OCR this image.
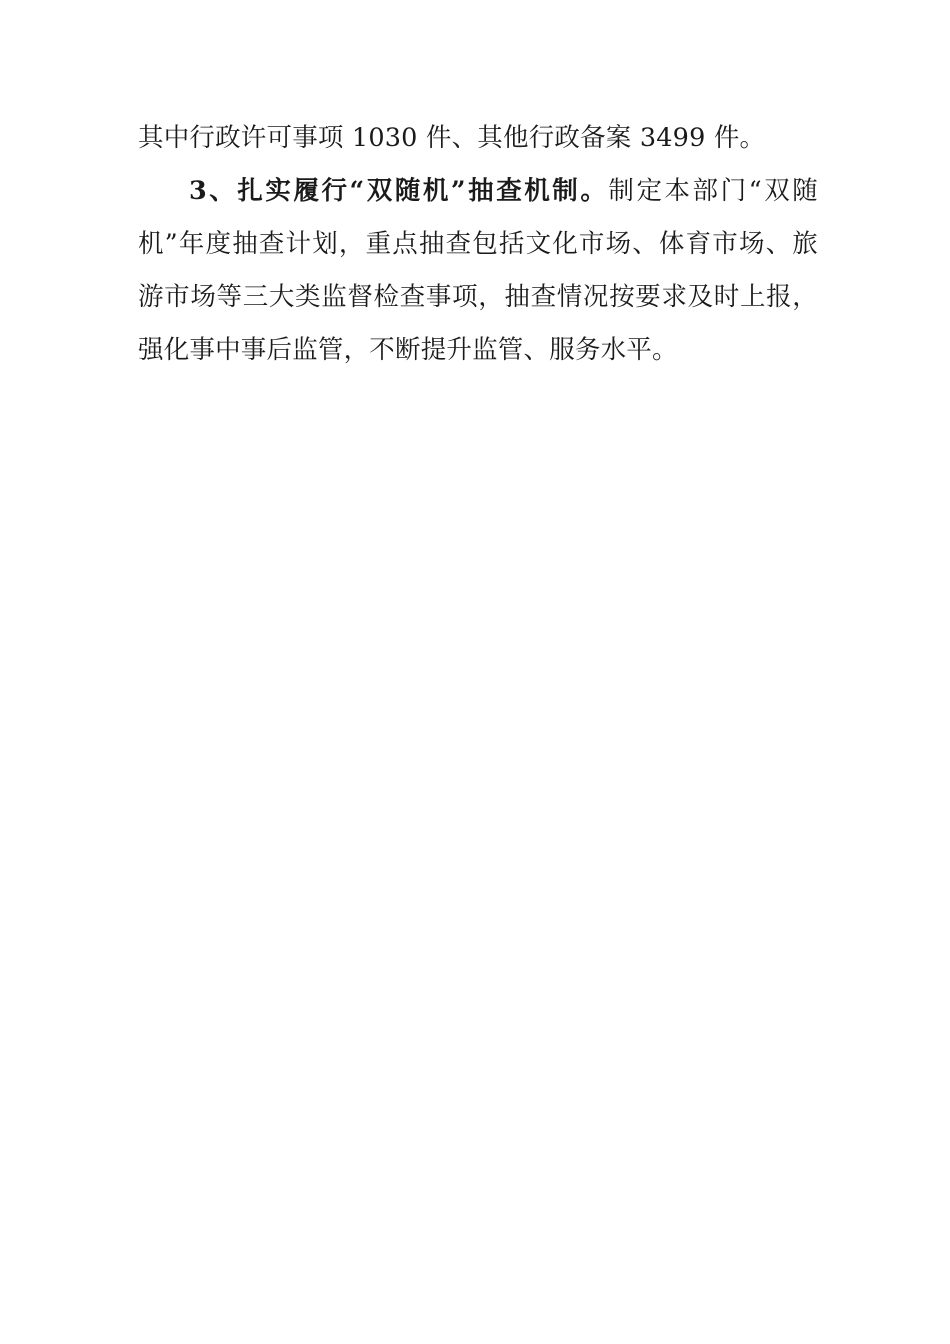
其中行政许可事项 1030 件、其他行政备案 3499 件。

3、扎实履行“双随机”抽查机制。制定本部门“双随机”年度抽查计划，重点抽查包括文化市场、体育市场、旅游市场等三大类监督检查事项，抽查情况按要求及时上报，强化事中事后监管，不断提升监管、服务水平。
